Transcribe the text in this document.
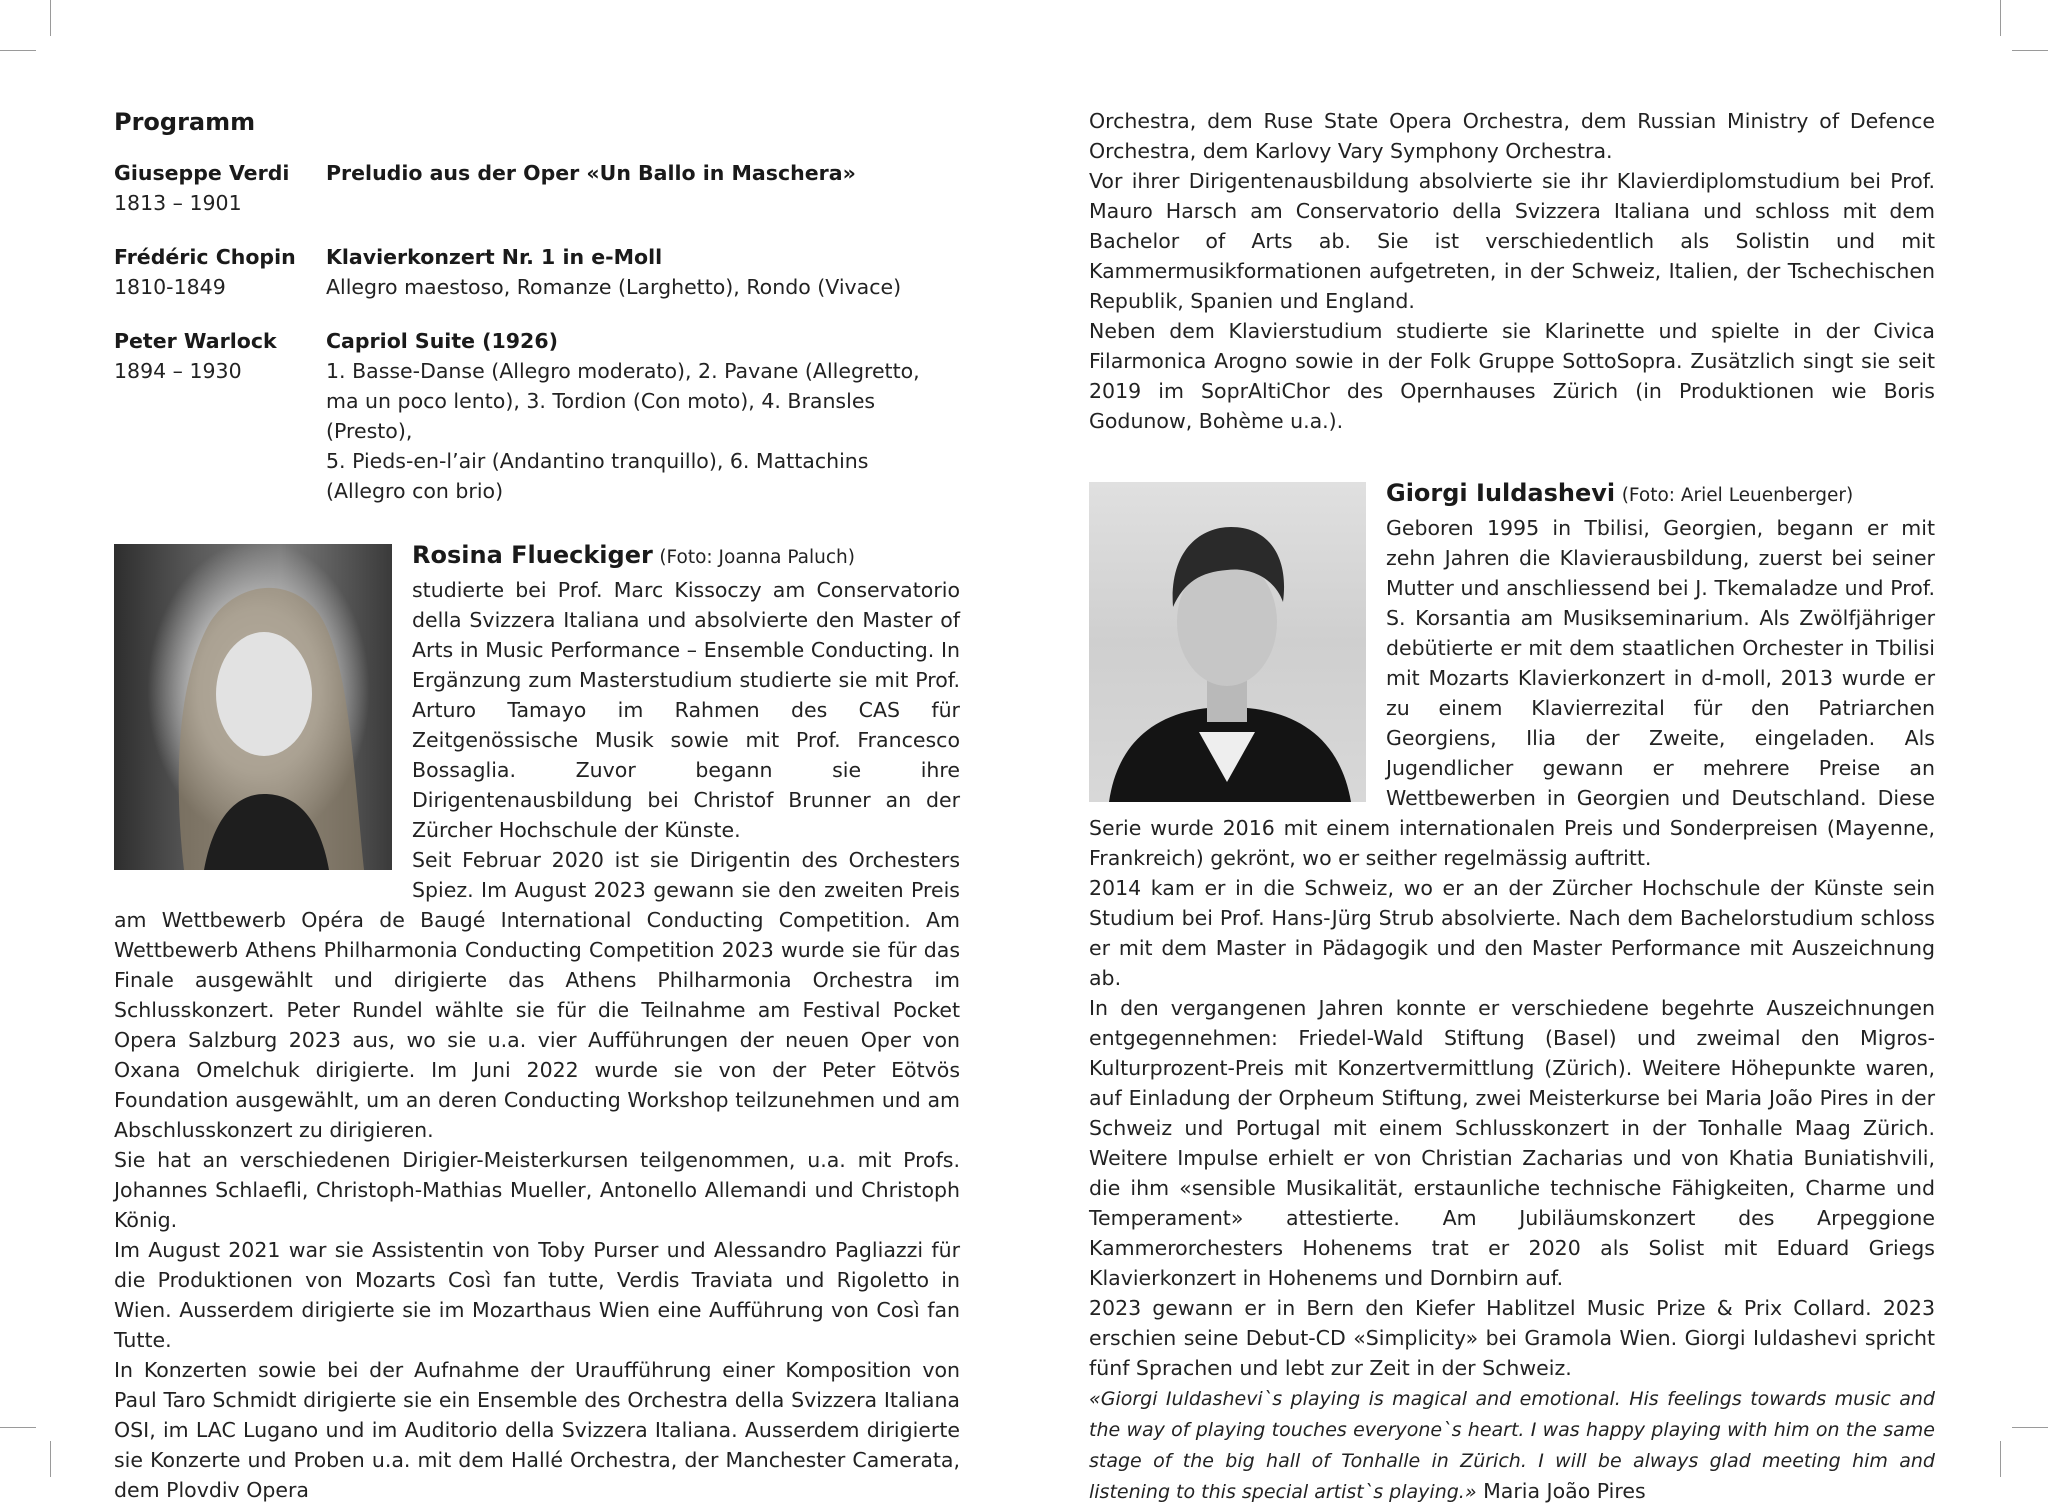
Programm
Giuseppe Verdi
1813 – 1901
Preludio aus der Oper «Un Ballo in Maschera»
Frédéric Chopin
1810-1849
Klavierkonzert Nr. 1 in e-Moll
Allegro maestoso, Romanze (Larghetto), Rondo (Vivace)
Peter Warlock
1894 – 1930
Capriol Suite (1926)
1. Basse-Danse (Allegro moderato), 2. Pavane (Allegretto,
ma un poco lento), 3. Tordion (Con moto), 4. Bransles (Presto),
5. Pieds-en-l’air (Andantino tranquillo), 6. Mattachins
(Allegro con brio)

Rosina Flueckiger (Foto: Joanna Paluch)

studierte bei Prof. Marc Kissoczy am Conservatorio della Svizzera Italiana und absolvierte den Master of Arts in Music Performance – Ensemble Conducting. In Ergänzung zum Masterstudium studierte sie mit Prof. Arturo Tamayo im Rahmen des CAS für Zeitgenössische Musik sowie mit Prof. Francesco Bossaglia. Zuvor begann sie ihre Dirigentenausbildung bei Christof Brunner an der Zürcher Hochschule der Künste.

Seit Februar 2020 ist sie Dirigentin des Orchesters Spiez. Im August 2023 gewann sie den zweiten Preis am Wettbewerb Opéra de Baugé International Conducting Competition. Am Wettbewerb Athens Philharmonia Conducting Competition 2023 wurde sie für das Finale ausgewählt und dirigierte das Athens Philharmonia Orchestra im Schlusskonzert. Peter Rundel wählte sie für die Teilnahme am Festival Pocket Opera Salzburg 2023 aus, wo sie u.a. vier Aufführungen der neuen Oper von Oxana Omelchuk dirigierte. Im Juni 2022 wurde sie von der Peter Eötvös Foundation ausgewählt, um an deren Conducting Workshop teilzunehmen und am Abschlusskonzert zu dirigieren.

Sie hat an verschiedenen Dirigier-Meisterkursen teilgenommen, u.a. mit Profs. Johannes Schlaefli, Christoph-Mathias Mueller, Antonello Allemandi und Christoph König.

Im August 2021 war sie Assistentin von Toby Purser und Alessandro Pagliazzi für die Produktionen von Mozarts Così fan tutte, Verdis Traviata und Rigoletto in Wien. Ausserdem dirigierte sie im Mozarthaus Wien eine Aufführung von Così fan Tutte.

In Konzerten sowie bei der Aufnahme der Uraufführung einer Komposition von Paul Taro Schmidt dirigierte sie ein Ensemble des Orchestra della Svizzera Italiana OSI, im LAC Lugano und im Auditorio della Svizzera Italiana. Ausserdem dirigierte sie Konzerte und Proben u.a. mit dem Hallé Orchestra, der Manchester Camerata, dem Plovdiv Opera

Orchestra, dem Ruse State Opera Orchestra, dem Russian Ministry of Defence Orchestra, dem Karlovy Vary Symphony Orchestra.

Vor ihrer Dirigentenausbildung absolvierte sie ihr Klavierdiplomstudium bei Prof. Mauro Harsch am Conservatorio della Svizzera Italiana und schloss mit dem Bachelor of Arts ab. Sie ist verschiedentlich als Solistin und mit Kammermusikformationen aufgetreten, in der Schweiz, Italien, der Tschechischen Republik, Spanien und England.

Neben dem Klavierstudium studierte sie Klarinette und spielte in der Civica Filarmonica Arogno sowie in der Folk Gruppe SottoSopra. Zusätzlich singt sie seit 2019 im SoprAltiChor des Opernhauses Zürich (in Produktionen wie Boris Godunow, Bohème u.a.).

Giorgi Iuldashevi (Foto: Ariel Leuenberger)

Geboren 1995 in Tbilisi, Georgien, begann er mit zehn Jahren die Klavierausbildung, zuerst bei seiner Mutter und anschliessend bei J. Tkemaladze und Prof. S. Korsantia am Musikseminarium. Als Zwölfjähriger debütierte er mit dem staatlichen Orchester in Tbilisi mit Mozarts Klavierkonzert in d-moll, 2013 wurde er zu einem Klavierrezital für den Patriarchen Georgiens, Ilia der Zweite, eingeladen. Als Jugendlicher gewann er mehrere Preise an Wettbewerben in Georgien und Deutschland. Diese Serie wurde 2016 mit einem internationalen Preis und Sonderpreisen (Mayenne, Frankreich) gekrönt, wo er seither regelmässig auftritt.

2014 kam er in die Schweiz, wo er an der Zürcher Hochschule der Künste sein Studium bei Prof. Hans-Jürg Strub absolvierte. Nach dem Bachelorstudium schloss er mit dem Master in Pädagogik und den Master Performance mit Auszeichnung ab.

In den vergangenen Jahren konnte er verschiedene begehrte Auszeichnungen entgegennehmen: Friedel-Wald Stiftung (Basel) und zweimal den Migros-Kulturprozent-Preis mit Konzertvermittlung (Zürich). Weitere Höhepunkte waren, auf Einladung der Orpheum Stiftung, zwei Meisterkurse bei Maria João Pires in der Schweiz und Portugal mit einem Schlusskonzert in der Tonhalle Maag Zürich. Weitere Impulse erhielt er von Christian Zacharias und von Khatia Buniatishvili, die ihm «sensible Musikalität, erstaunliche technische Fähigkeiten, Charme und Temperament» attestierte. Am Jubiläumskonzert des Arpeggione Kammerorchesters Hohenems trat er 2020 als Solist mit Eduard Griegs Klavierkonzert in Hohenems und Dornbirn auf.

2023 gewann er in Bern den Kiefer Hablitzel Music Prize & Prix Collard. 2023 erschien seine Debut-CD «Simplicity» bei Gramola Wien. Giorgi Iuldashevi spricht fünf Sprachen und lebt zur Zeit in der Schweiz.

«Giorgi Iuldashevi`s playing is magical and emotional. His feelings towards music and the way of playing touches everyone`s heart. I was happy playing with him on the same stage of the big hall of Tonhalle in Zürich. I will be always glad meeting him and listening to this special artist`s playing.» Maria João Pires
